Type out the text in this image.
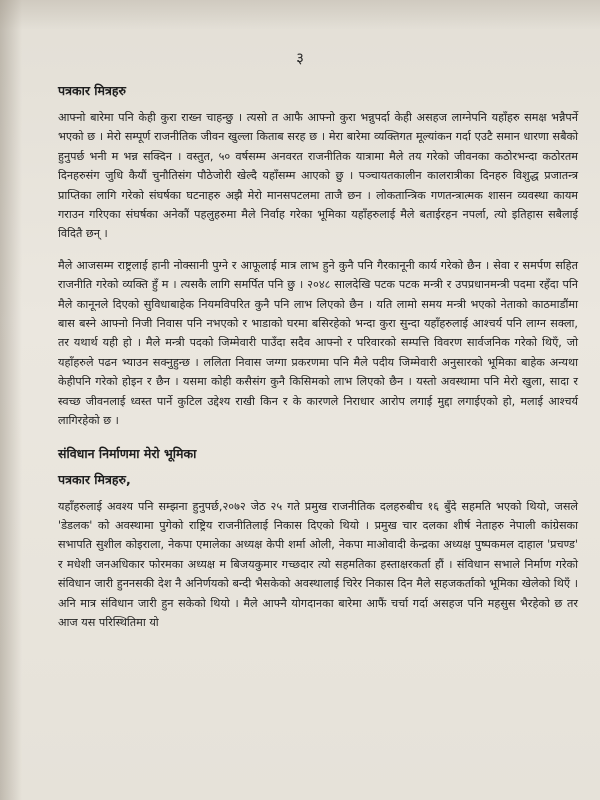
३
पत्रकार मित्रहरु

आफ्नो बारेमा पनि केही कुरा राख्न चाहन्छु । त्यसो त आफै आफ्नो कुरा भन्नुपर्दा केही असहज लाग्नेपनि यहाँहरु समक्ष भन्नैपर्ने भएको छ । मेरो सम्पूर्ण राजनीतिक जीवन खुल्ला किताब सरह छ । मेरा बारेमा व्यक्तिगत मूल्यांकन गर्दा एउटै समान धारणा सबैको हुनुपर्छ भनी म भन्न सक्दिन । वस्तुत, ५० वर्षसम्म अनवरत राजनीतिक यात्रामा मैले तय गरेको जीवनका कठोरभन्दा कठोरतम दिनहरुसंग जुधि कैयौं चुनौतिसंग पौठेजोरी खेल्दै यहाँसम्म आएको छु । पञ्चायतकालीन कालरात्रीका दिनहरु विशुद्ध प्रजातन्त्र प्राप्तिका लागि गरेको संघर्षका घटनाहरु अझै मेरो मानसपटलमा ताजै छन । लोकतान्त्रिक गणतन्त्रात्मक शासन व्यवस्था कायम गराउन गरिएका संघर्षका अनेकौं पहलुहरुमा मैले निर्वाह गरेका भूमिका यहाँहरुलाई मैले बताईरहन नपर्ला, त्यो इतिहास सबैलाई विदितै छन् ।

मैले आजसम्म राष्ट्रलाई हानी नोक्सानी पुग्ने र आफूलाई मात्र लाभ हुने कुनै पनि गैरकानूनी कार्य गरेको छैन । सेवा र समर्पण सहित राजनीति गरेको व्यक्ति हुँ म । त्यसकै लागि समर्पित पनि छु । २०४८ सालदेखि पटक पटक मन्त्री र उपप्रधानमन्त्री पदमा रहँदा पनि मैले कानूनले दिएको सुविधाबाहेक नियमविपरित कुनै पनि लाभ लिएको छैन । यति लामो समय मन्त्री भएको नेताको काठमाडौंमा बास बस्ने आफ्नो निजी निवास पनि नभएको र भाडाको घरमा बसिरहेको भन्दा कुरा सुन्दा यहाँहरुलाई आश्चर्य पनि लाग्न सक्ला, तर यथार्थ यही हो । मैले मन्त्री पदको जिम्मेवारी पाउँदा सदैव आफ्नो र परिवारको सम्पत्ति विवरण सार्वजनिक गरेको थिएँ, जो यहाँहरुले पढन भ्याउन सक्नुहुन्छ । ललिता निवास जग्गा प्रकरणमा पनि मैले पदीय जिम्मेवारी अनुसारको भूमिका बाहेक अन्यथा केहीपनि गरेको होइन र छैन । यसमा कोही कसैसंग कुनै किसिमको लाभ लिएको छैन । यस्तो अवस्थामा पनि मेरो खुला, सादा र स्वच्छ जीवनलाई ध्वस्त पार्ने कुटिल उद्देश्य राखी किन र के कारणले निराधार आरोप लगाई मुद्दा लगाईएको हो, मलाई आश्चर्य लागिरहेको छ ।

संविधान निर्माणमा मेरो भूमिका
पत्रकार मित्रहरु,

यहाँहरुलाई अवश्य पनि सम्झना हुनुपर्छ,२०७२ जेठ २५ गते प्रमुख राजनीतिक दलहरुबीच १६ बुँदे सहमति भएको थियो, जसले 'डेडलक' को अवस्थामा पुगेको राष्ट्रिय राजनीतिलाई निकास दिएको थियो । प्रमुख चार दलका शीर्ष नेताहरु नेपाली कांग्रेसका सभापति सुशील कोइराला, नेकपा एमालेका अध्यक्ष केपी शर्मा ओली, नेकपा माओवादी केन्द्रका अध्यक्ष पुष्पकमल दाहाल 'प्रचण्ड' र मधेशी जनअधिकार फोरमका अध्यक्ष म बिजयकुमार गच्छदार त्यो सहमतिका हस्ताक्षरकर्ता हौं । संविधान सभाले निर्माण गरेको संविधान जारी हुननसकी देश नै अनिर्णयको बन्दी भैसकेको अवस्थालाई चिरेर निकास दिन मैले सहजकर्ताको भूमिका खेलेको थिएँ । अनि मात्र संविधान जारी हुन सकेको थियो । मैले आफ्नै योगदानका बारेमा आफैं चर्चा गर्दा असहज पनि महसुस भैरहेको छ तर आज यस परिस्थितिमा यो
